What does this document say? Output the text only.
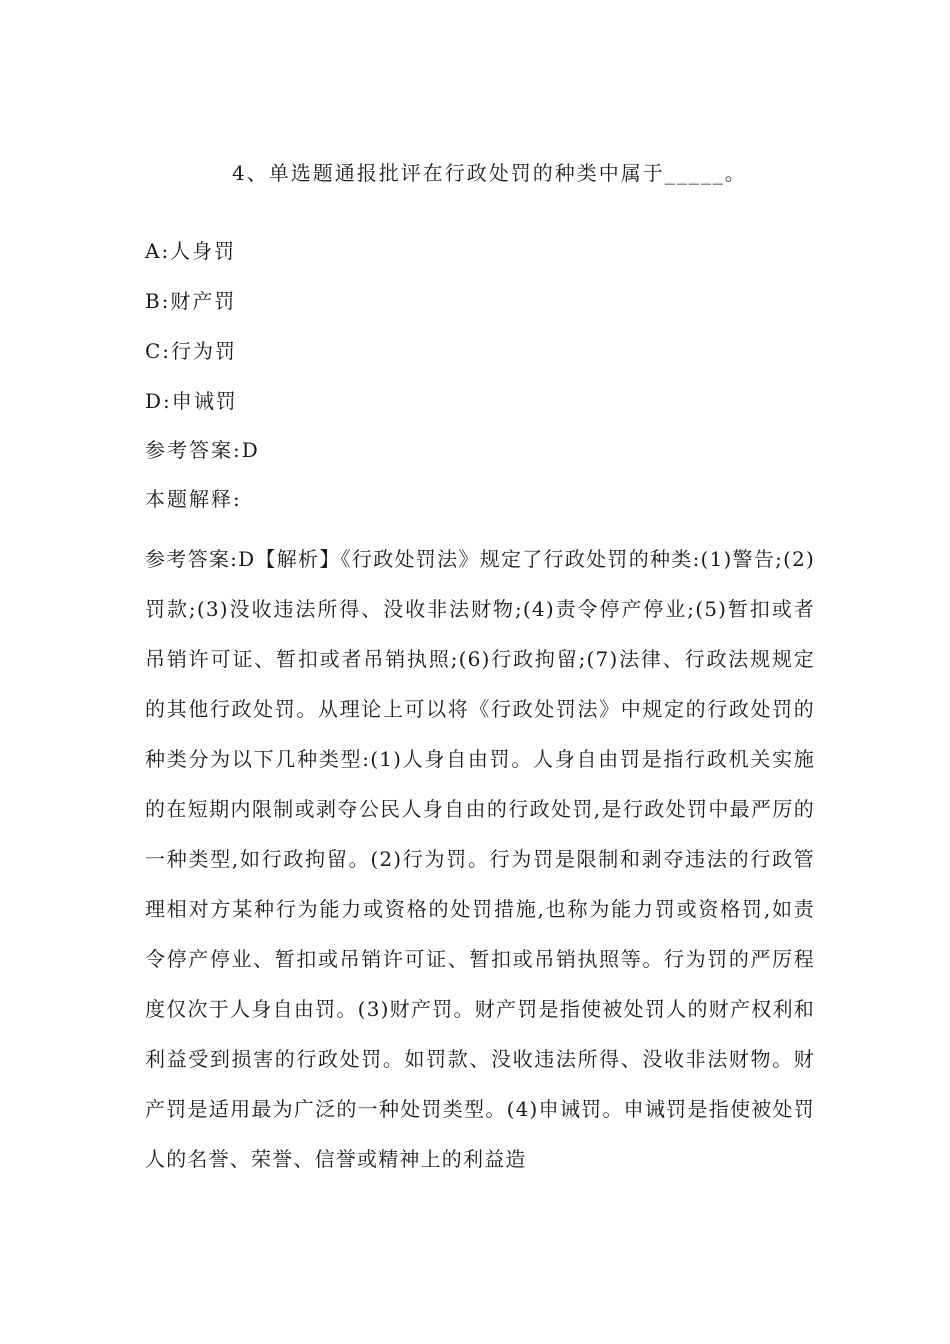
4、单选题通报批评在行政处罚的种类中属于_____。
A:人身罚
B:财产罚
C:行为罚
D:申诫罚
参考答案:D
本题解释:
参考答案:D【解析】《行政处罚法》规定了行政处罚的种类:(1)警告;(2)罚款;(3)没收违法所得、没收非法财物;(4)责令停产停业;(5)暂扣或者吊销许可证、暂扣或者吊销执照;(6)行政拘留;(7)法律、行政法规规定的其他行政处罚。从理论上可以将《行政处罚法》中规定的行政处罚的种类分为以下几种类型:(1)人身自由罚。人身自由罚是指行政机关实施的在短期内限制或剥夺公民人身自由的行政处罚,是行政处罚中最严厉的一种类型,如行政拘留。(2)行为罚。行为罚是限制和剥夺违法的行政管理相对方某种行为能力或资格的处罚措施,也称为能力罚或资格罚,如责令停产停业、暂扣或吊销许可证、暂扣或吊销执照等。行为罚的严厉程度仅次于人身自由罚。(3)财产罚。财产罚是指使被处罚人的财产权利和利益受到损害的行政处罚。如罚款、没收违法所得、没收非法财物。财产罚是适用最为广泛的一种处罚类型。(4)申诫罚。申诫罚是指使被处罚人的名誉、荣誉、信誉或精神上的利益造
